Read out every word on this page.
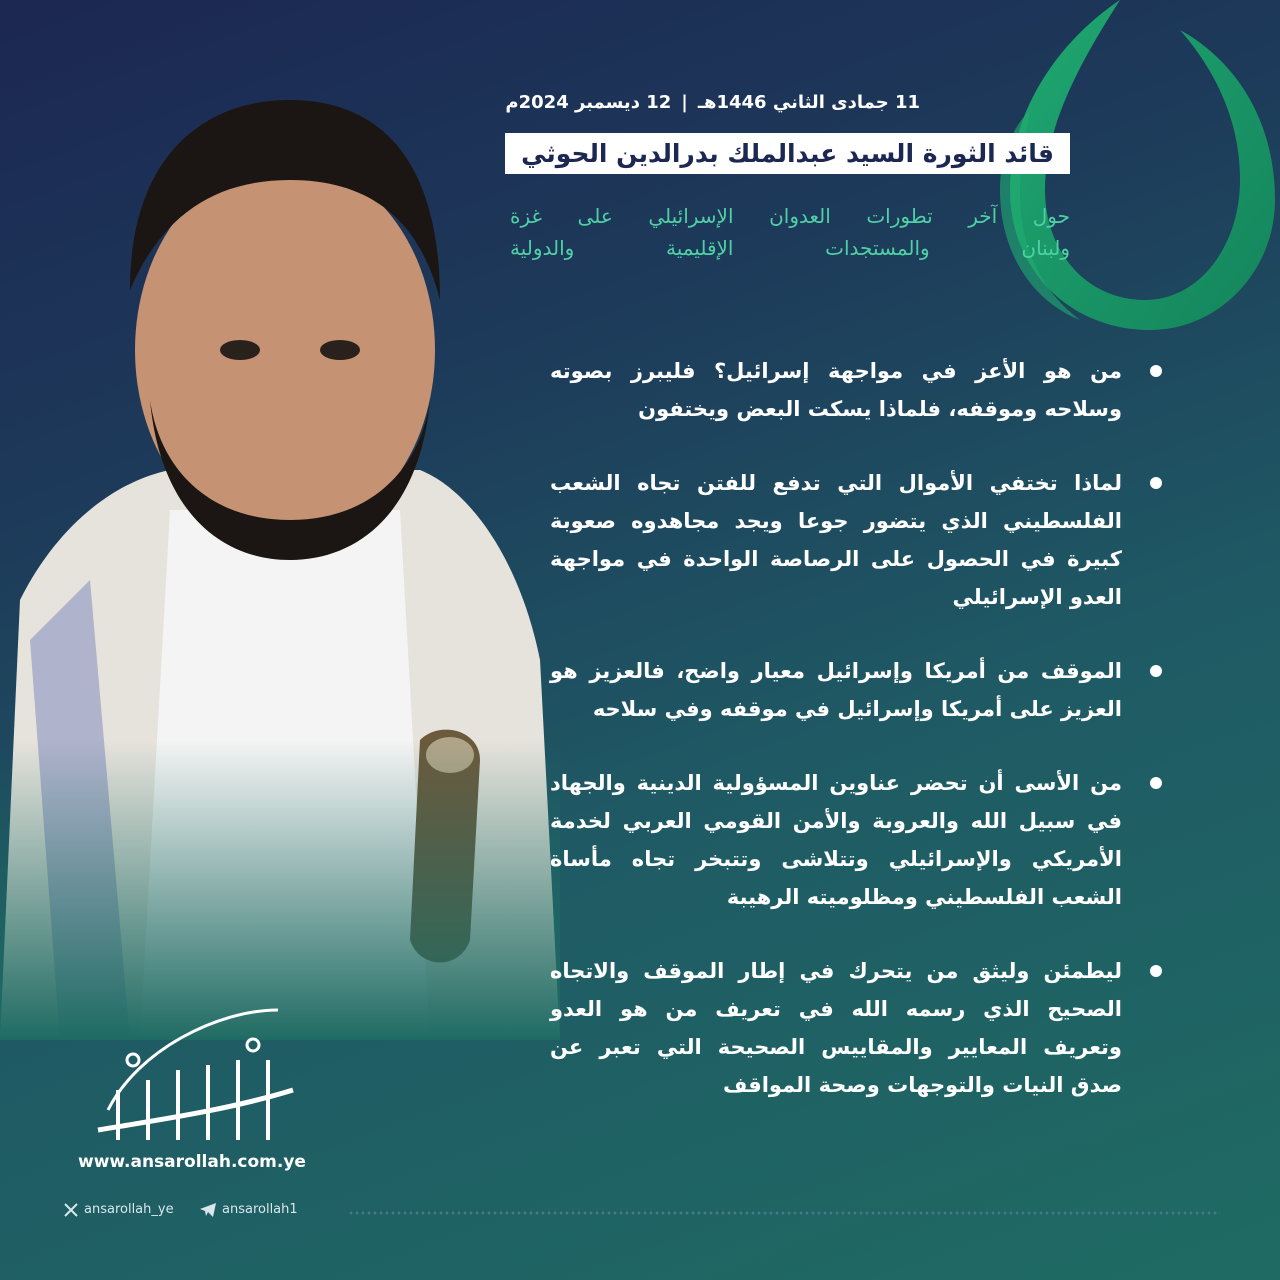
11 جمادى الثاني 1446هـ|12 ديسمبر 2024م
قائد الثورة السيد عبدالملك بدرالدين الحوثي
حول آخر تطورات العدوان الإسرائيلي على غزة
ولبنان والمستجدات الإقليمية والدولية
من هو الأعز في مواجهة إسرائيل؟ فليبرز بصوته وسلاحه وموقفه، فلماذا يسكت البعض ويختفون
لماذا تختفي الأموال التي تدفع للفتن تجاه الشعب الفلسطيني الذي يتضور جوعا ويجد مجاهدوه صعوبة كبيرة في الحصول على الرصاصة الواحدة في مواجهة العدو الإسرائيلي
الموقف من أمريكا وإسرائيل معيار واضح، فالعزيز هو العزيز على أمريكا وإسرائيل في موقفه وفي سلاحه
من الأسى أن تحضر عناوين المسؤولية الدينية والجهاد في سبيل الله والعروبة والأمن القومي العربي لخدمة الأمريكي والإسرائيلي وتتلاشى وتتبخر تجاه مأساة الشعب الفلسطيني ومظلوميته الرهيبة
ليطمئن وليثق من يتحرك في إطار الموقف والاتجاه الصحيح الذي رسمه الله في تعريف من هو العدو وتعريف المعايير والمقاييس الصحيحة التي تعبر عن صدق النيات والتوجهات وصحة المواقف
www.ansarollah.com.ye
ansarollah_ye	ansarollah1
